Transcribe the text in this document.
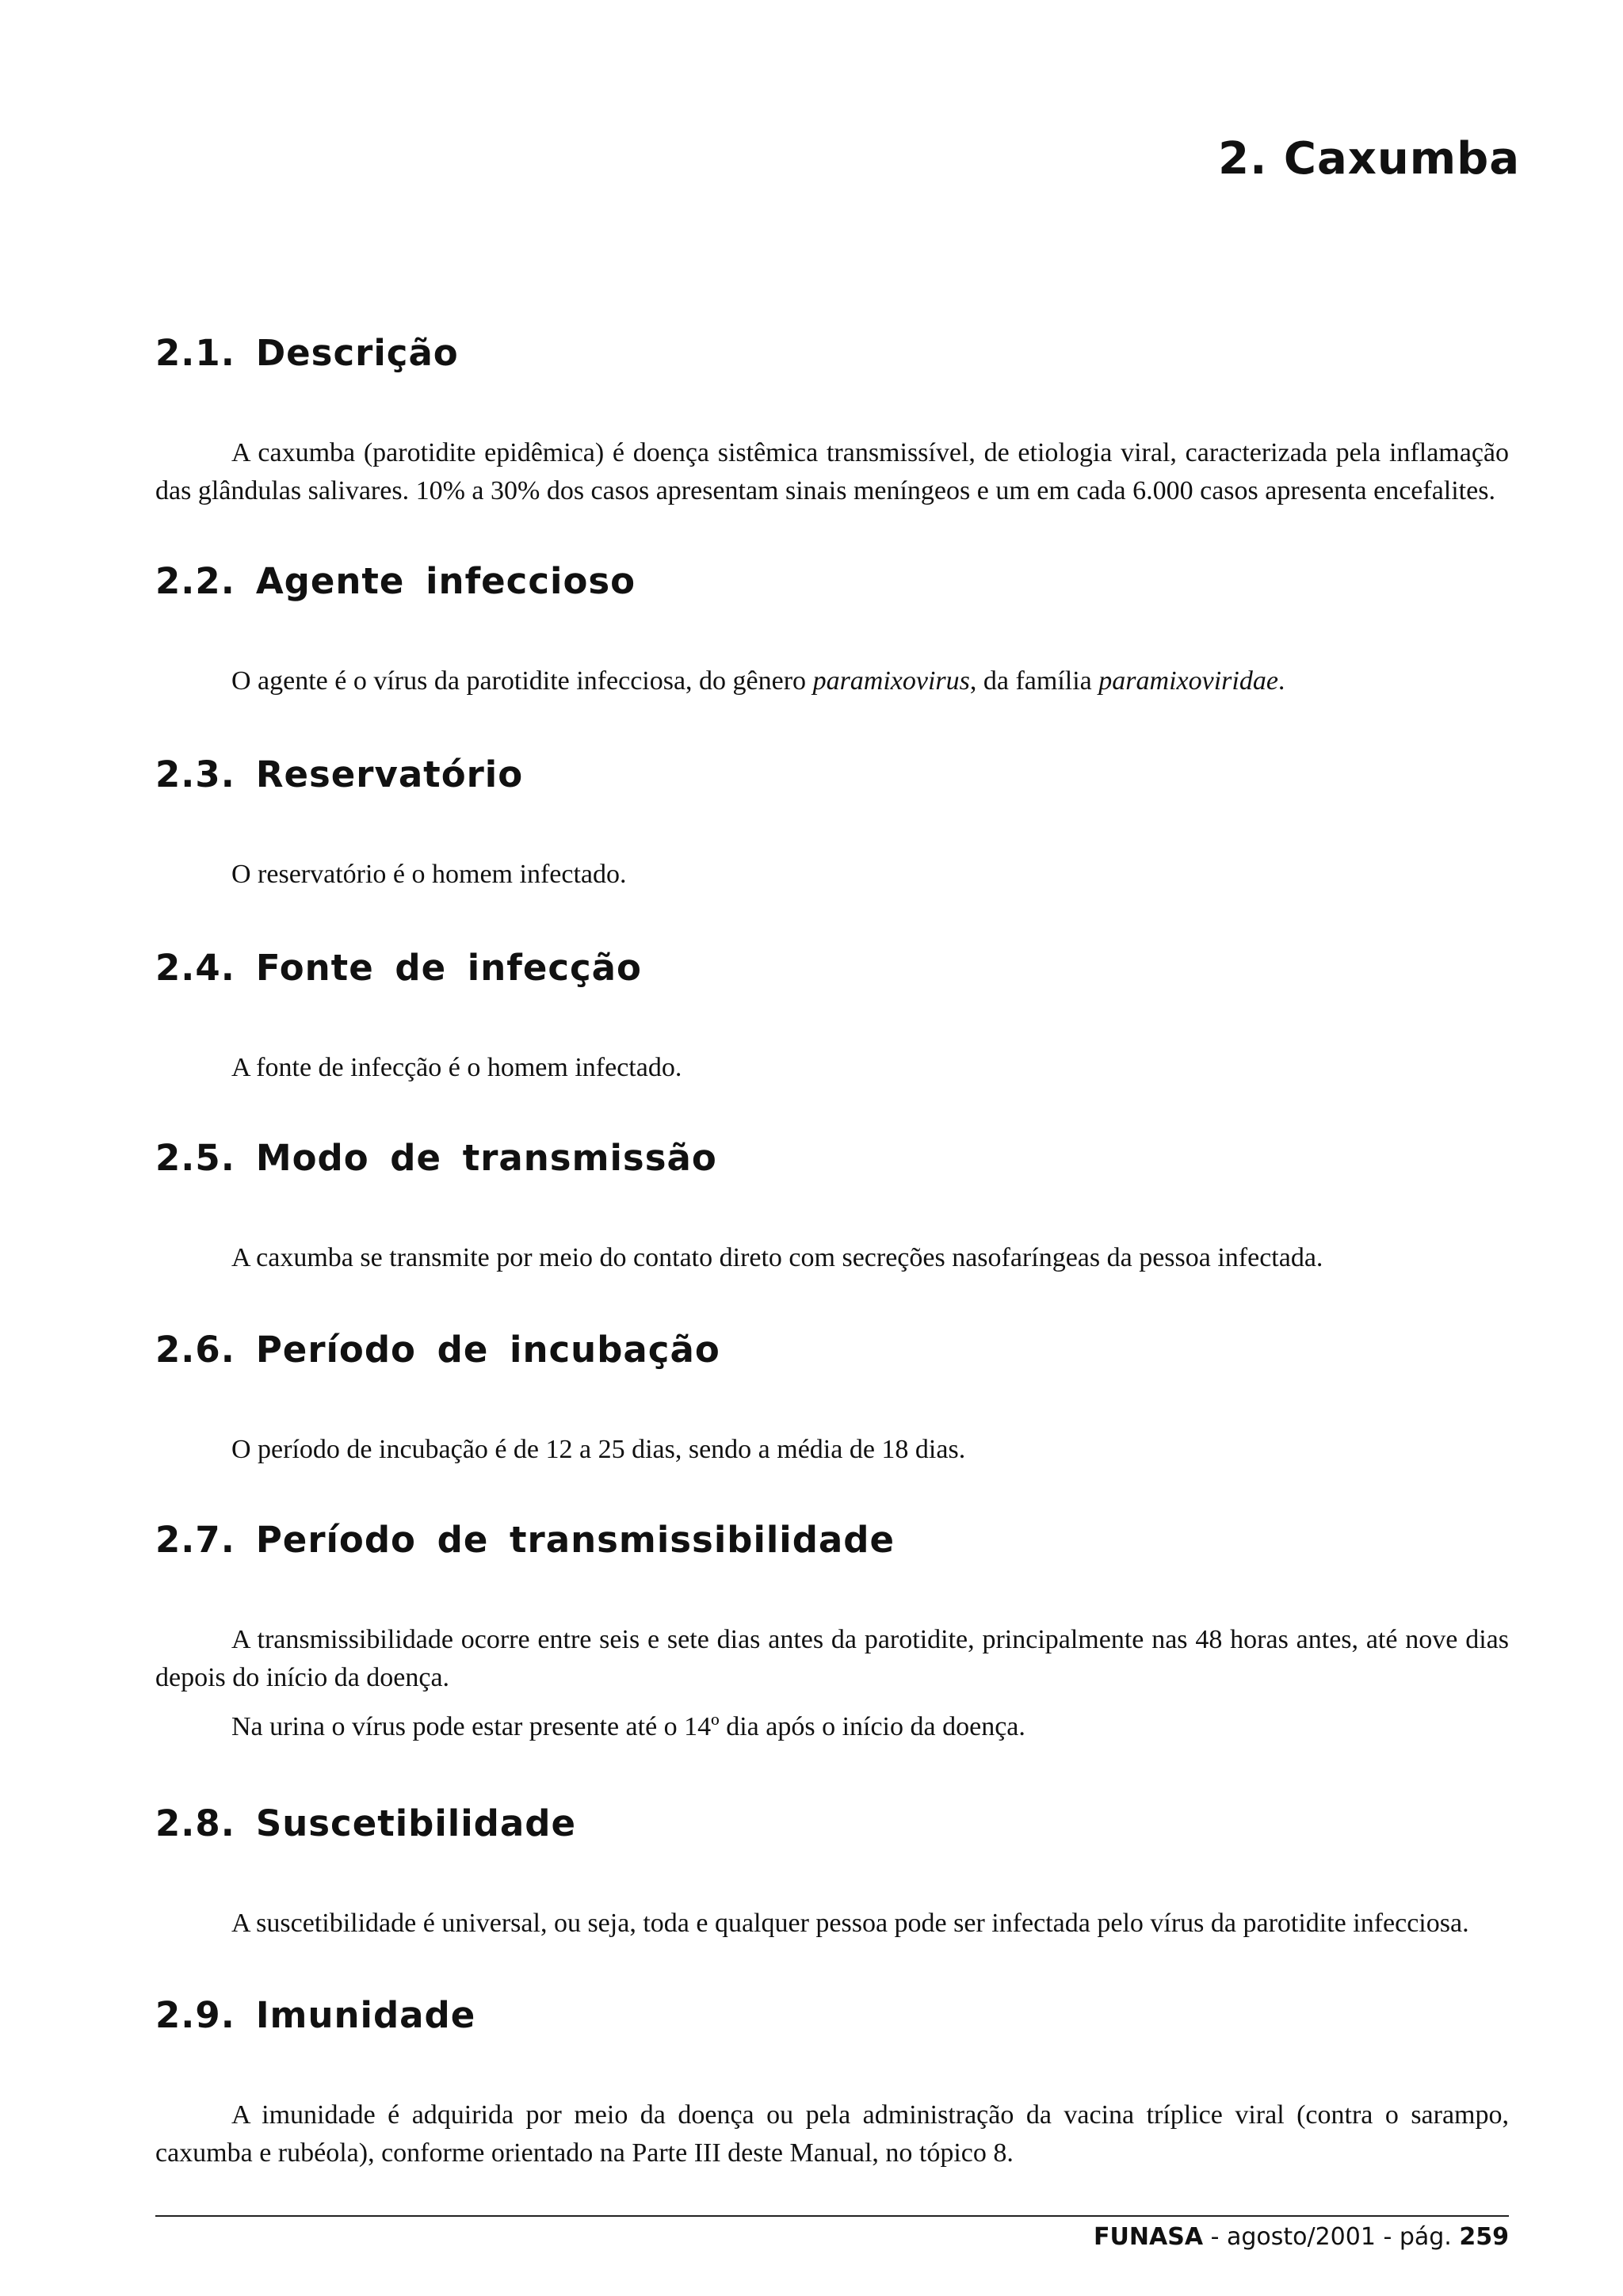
2. Caxumba
2.1. Descrição

A caxumba (parotidite epidêmica) é doença sistêmica transmissível, de etiologia viral, caracterizada pela inflamação das glândulas salivares. 10% a 30% dos casos apresentam sinais meníngeos e um em cada 6.000 casos apresenta encefalites.

2.2. Agente infeccioso

O agente é o vírus da parotidite infecciosa, do gênero paramixovirus, da família paramixoviridae.

2.3. Reservatório

O reservatório é o homem infectado.

2.4. Fonte de infecção

A fonte de infecção é o homem infectado.

2.5. Modo de transmissão

A caxumba se transmite por meio do contato direto com secreções nasofaríngeas da pessoa infectada.

2.6. Período de incubação

O período de incubação é de 12 a 25 dias, sendo a média de 18 dias.

2.7. Período de transmissibilidade

A transmissibilidade ocorre entre seis e sete dias antes da parotidite, principalmente nas 48 horas antes, até nove dias depois do início da doença.

Na urina o vírus pode estar presente até o 14º dia após o início da doença.

2.8. Suscetibilidade

A suscetibilidade é universal, ou seja, toda e qualquer pessoa pode ser infectada pelo vírus da parotidite infecciosa.

2.9. Imunidade

A imunidade é adquirida por meio da doença ou pela administração da vacina tríplice viral (contra o sarampo, caxumba e rubéola), conforme orientado na Parte III deste Manual, no tópico 8.

FUNASA - agosto/2001 - pág. 259
